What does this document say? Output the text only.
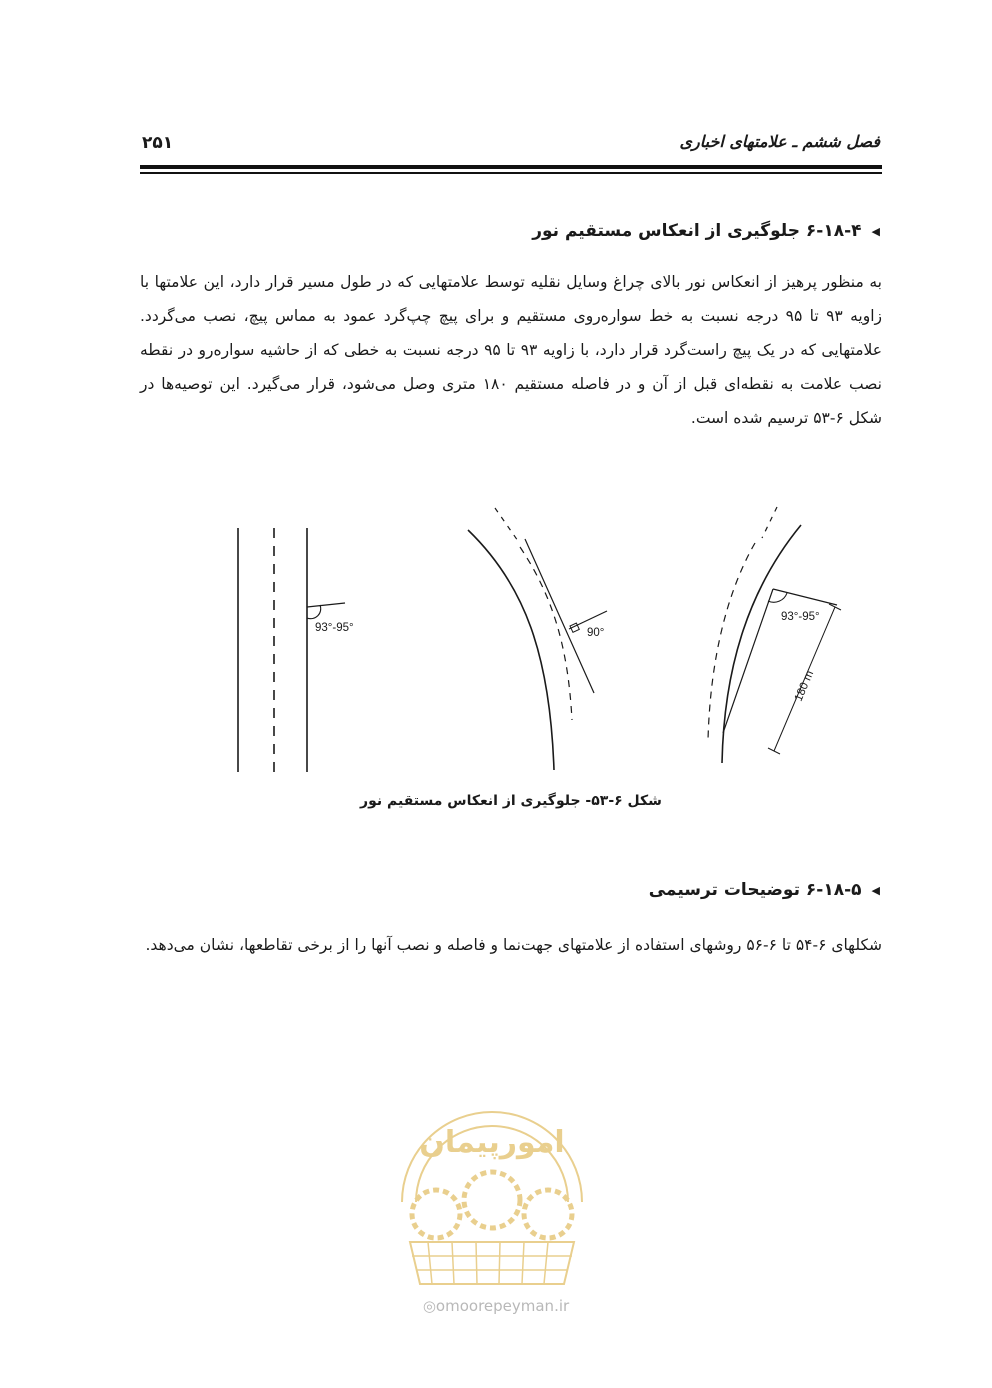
فصل ششم ـ علامتهای اخباری
۲۵۱
◀
۶-۱۸-۴ جلوگیری از انعکاس مستقیم نور
به منظور پرهیز از انعکاس نور بالای چراغ وسایل نقلیه توسط علامتهایی که در طول مسیر قرار دارد، این علامتها با زاویه ۹۳ تا ۹۵ درجه نسبت به خط سواره‌روی مستقیم و برای پیچ چپ‌گرد عمود به مماس پیچ، نصب می‌گردد. علامتهایی که در یک پیچ راست‌گرد قرار دارد، با زاویه ۹۳ تا ۹۵ درجه نسبت به خطی که از حاشیه سواره‌رو در نقطه نصب علامت به نقطه‌ای قبل از آن و در فاصله مستقیم ۱۸۰ متری وصل می‌شود، قرار می‌گیرد. این توصیه‌ها در شکل ۶-۵۳ ترسیم شده است.
93°-95°	90°
93°-95°
180 m
شکل ۶-۵۳- جلوگیری از انعکاس مستقیم نور
◀
۶-۱۸-۵ توضیحات ترسیمی
شکلهای ۶-۵۴ تا ۶-۵۶ روشهای استفاده از علامتهای جهت‌نما و فاصله و نصب آنها را از برخی تقاطعها، نشان می‌دهد.
امورپیمان
◎omoorepeyman.ir
